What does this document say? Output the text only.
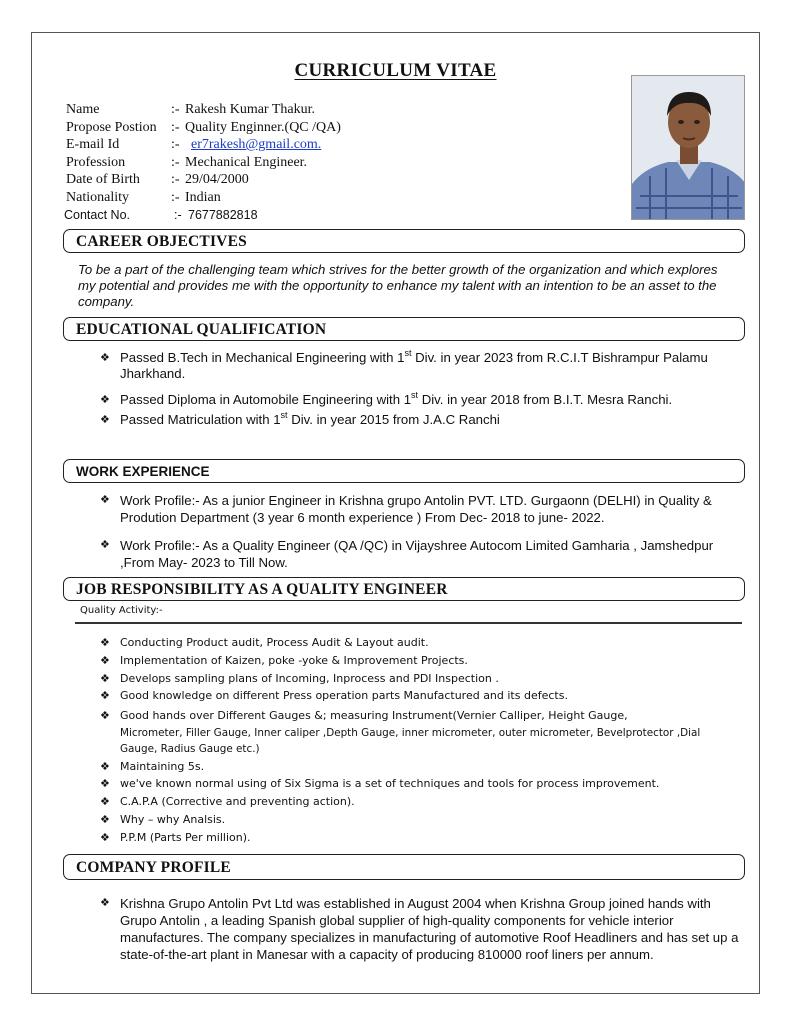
CURRICULUM VITAE
Name	:- Rakesh Kumar Thakur.
Propose Postion	:- Quality Enginner.(QC /QA)
E-mail Id	:- er7rakesh@gmail.com.
Profession	:- Mechanical Engineer.
Date of Birth	:- 29/04/2000
Nationality	:- Indian
Contact No.	:- 7677882818
CAREER OBJECTIVES
To be a part of the challenging team which strives for the better growth of the organization and which explores my potential and provides me with the opportunity to enhance my talent with an intention to be an asset to the company.
EDUCATIONAL QUALIFICATION
❖ Passed B.Tech in Mechanical Engineering with 1st Div. in year 2023 from R.C.I.T Bishrampur Palamu Jharkhand.
❖ Passed Diploma in Automobile Engineering with 1st Div. in year 2018 from B.I.T. Mesra Ranchi.
❖ Passed Matriculation with 1st Div. in year 2015 from J.A.C Ranchi
WORK EXPERIENCE
❖ Work Profile:- As a junior Engineer in Krishna grupo Antolin PVT. LTD. Gurgaonn (DELHI) in Quality & Prodution Department (3 year 6 month experience ) From Dec- 2018 to june- 2022.
❖ Work Profile:- As a Quality Engineer (QA /QC) in Vijayshree Autocom Limited Gamharia , Jamshedpur ,From May- 2023 to Till Now.
JOB RESPONSIBILITY AS A QUALITY ENGINEER
Quality Activity:-
❖ Conducting Product audit, Process Audit & Layout audit.
❖ Implementation of Kaizen, poke -yoke & Improvement Projects.
❖ Develops sampling plans of Incoming, Inprocess and PDI Inspection .
❖ Good knowledge on different Press operation parts Manufactured and its defects.
❖ Good hands over Different Gauges &; measuring Instrument(Vernier Calliper, Height Gauge,
Micrometer, Filler Gauge, Inner caliper ,Depth Gauge, inner micrometer, outer micrometer, Bevelprotector ,Dial Gauge, Radius Gauge etc.)
❖ Maintaining 5s.
❖ we've known normal using of Six Sigma is a set of techniques and tools for process improvement.
❖ C.A.P.A (Corrective and preventing action).
❖ Why – why Analsis.
❖ P.P.M (Parts Per million).
COMPANY PROFILE
❖ Krishna Grupo Antolin Pvt Ltd was established in August 2004 when Krishna Group joined hands with Grupo Antolin , a leading Spanish global supplier of high-quality components for vehicle interior manufactures. The company specializes in manufacturing of automotive Roof Headliners and has set up a state-of-the-art plant in Manesar with a capacity of producing 810000 roof liners per annum.
